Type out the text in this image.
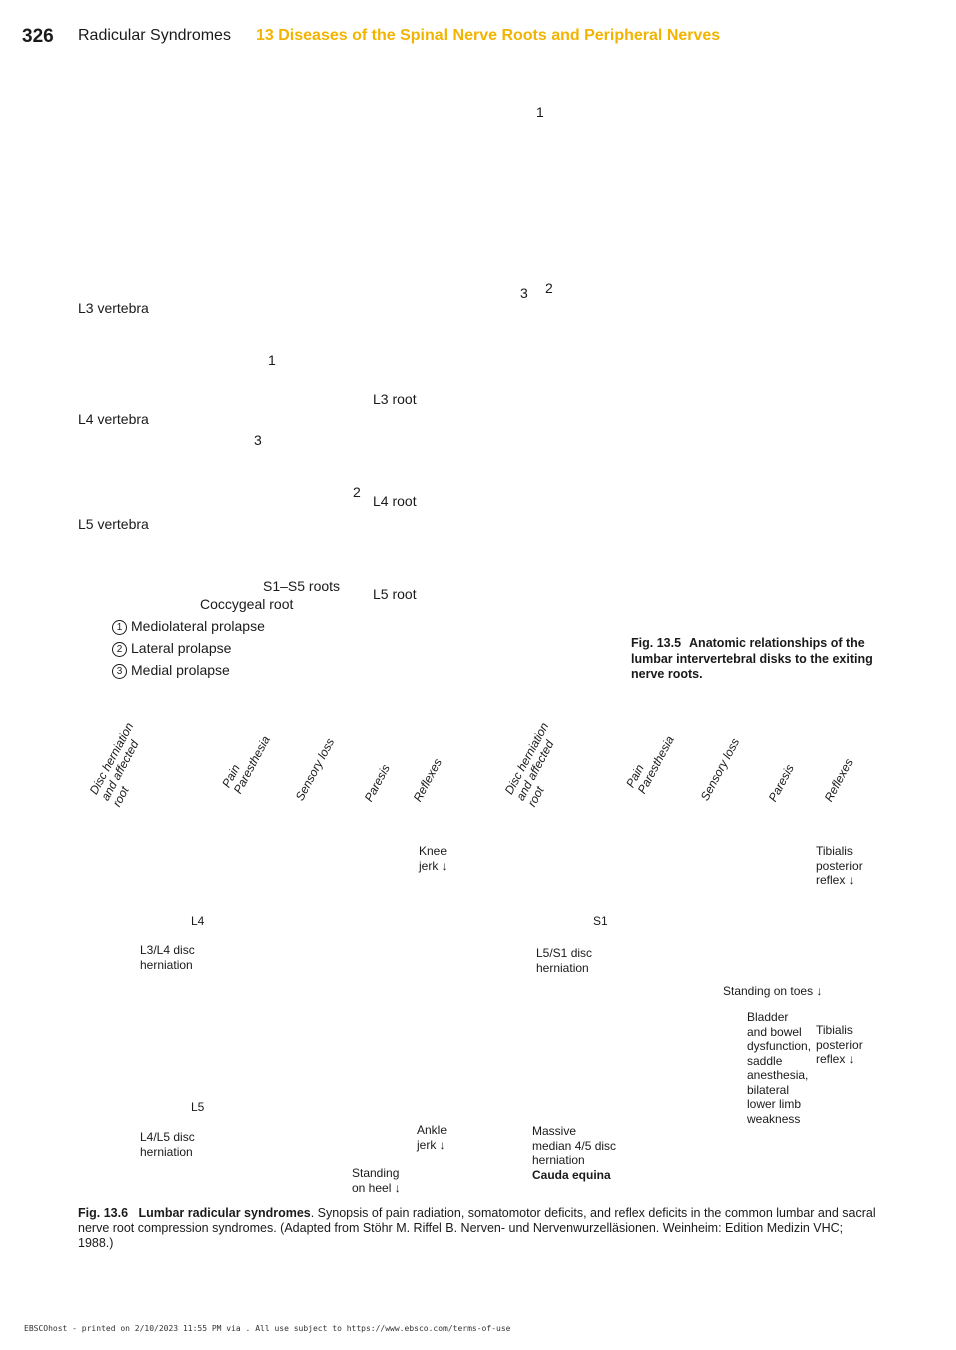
326 Radicular Syndromes 13 Diseases of the Spinal Nerve Roots and Peripheral Nerves
1
3 2
L3 vertebra
1
L3 root
L4 vertebra
3
2
L4 root
L5 vertebra
S1–S5 roots
Coccygeal root
L5 root
1 Mediolateral prolapse
2 Lateral prolapse
3 Medial prolapse
Fig. 13.5 Anatomic relationships of the lumbar intervertebral disks to the exiting nerve roots.
Disc herniation
and affected
root
Pain
Paresthesia Sensory loss Paresis Reflexes	Disc herniation
and affected
root
Pain
Paresthesia Sensory loss Paresis Reflexes
Knee jerk ↓
L4
L3/L4 disc herniation
L5
L4/L5 disc herniation
Ankle jerk ↓
Standing on heel ↓
Tibialis posterior reflex ↓
S1
L5/S1 disc herniation
Standing on toes ↓
Bladder and bowel dysfunction, saddle anesthesia, bilateral lower limb weakness
Tibialis posterior reflex ↓
Massive median 4/5 disc herniation
Cauda equina
Fig. 13.6 Lumbar radicular syndromes. Synopsis of pain radiation, somatomotor deficits, and reflex deficits in the common lumbar and sacral nerve root compression syndromes. (Adapted from Stöhr M. Riffel B. Nerven- und Nervenwurzelläsionen. Weinheim: Edition Medizin VHC; 1988.)
EBSCOhost - printed on 2/10/2023 11:55 PM via . All use subject to https://www.ebsco.com/terms-of-use
